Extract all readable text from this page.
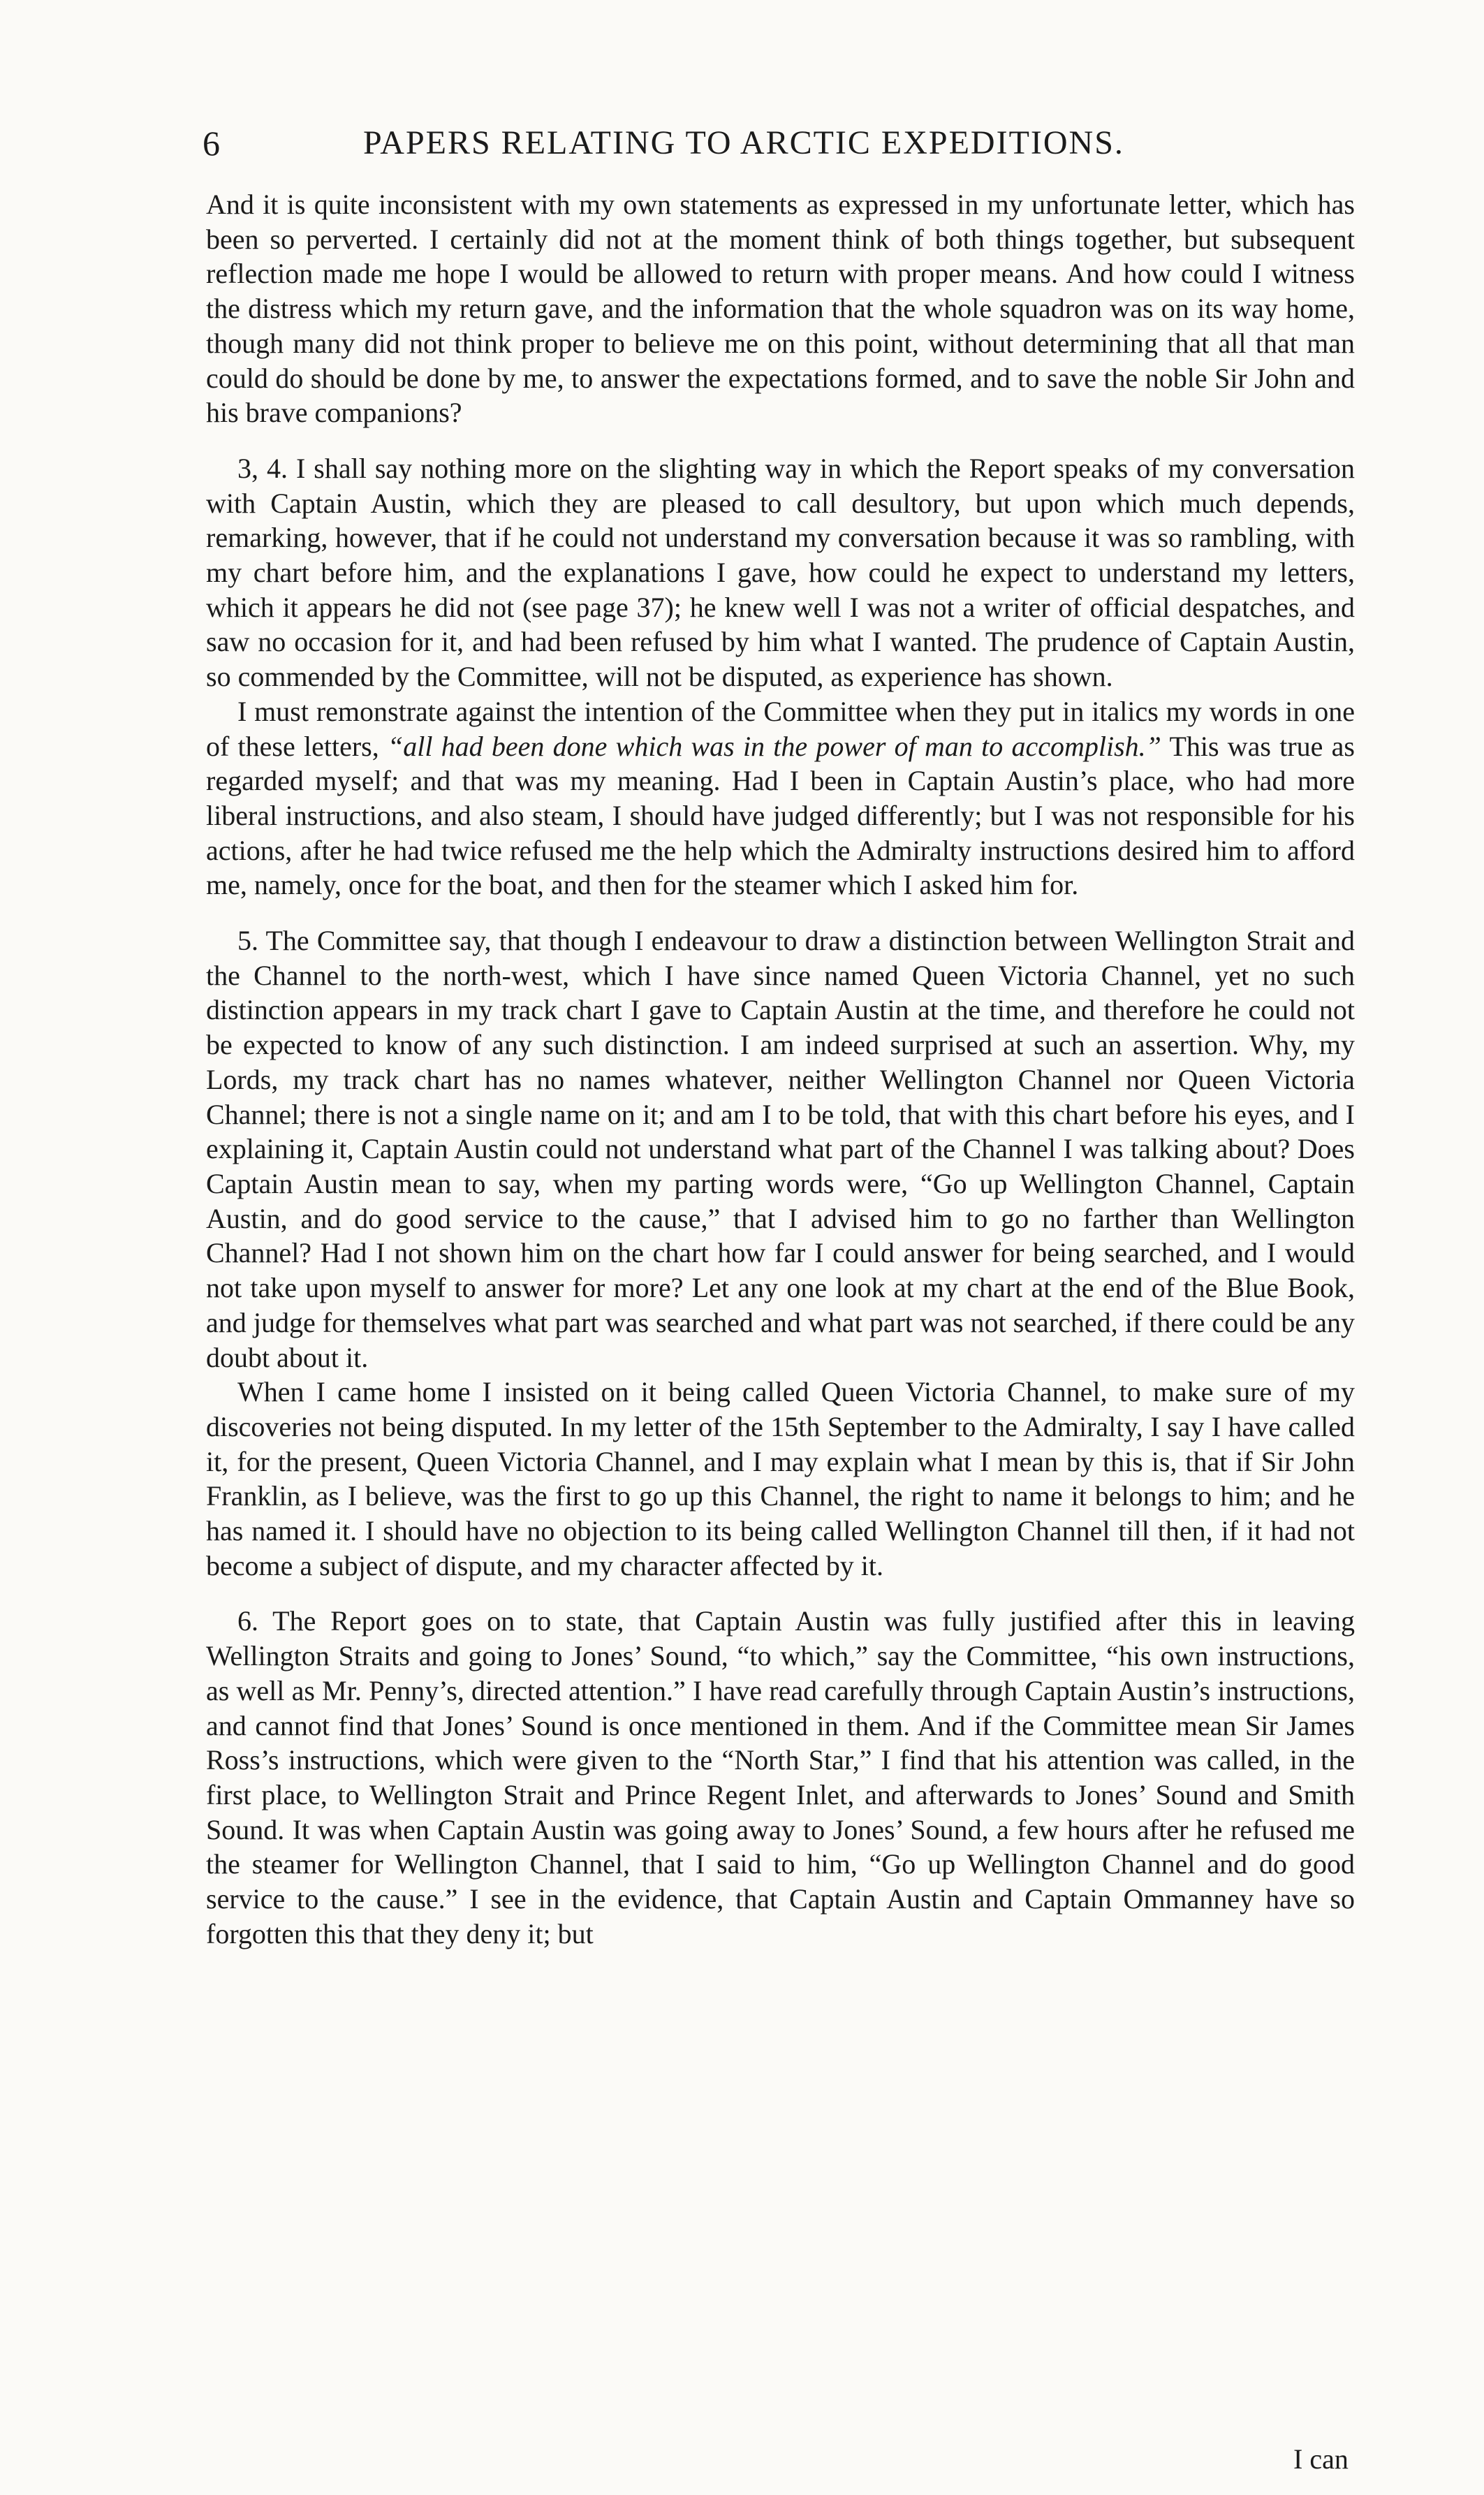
6	PAPERS RELATING TO ARCTIC EXPEDITIONS.

And it is quite inconsistent with my own statements as expressed in my unfortunate letter, which has been so perverted. I certainly did not at the moment think of both things together, but subsequent reflection made me hope I would be allowed to return with proper means. And how could I witness the distress which my return gave, and the information that the whole squadron was on its way home, though many did not think proper to believe me on this point, without determining that all that man could do should be done by me, to answer the expectations formed, and to save the noble Sir John and his brave companions?

3, 4. I shall say nothing more on the slighting way in which the Report speaks of my conversation with Captain Austin, which they are pleased to call desultory, but upon which much depends, remarking, however, that if he could not understand my conversation because it was so rambling, with my chart before him, and the explanations I gave, how could he expect to understand my letters, which it appears he did not (see page 37); he knew well I was not a writer of official despatches, and saw no occasion for it, and had been refused by him what I wanted. The prudence of Captain Austin, so commended by the Committee, will not be disputed, as experience has shown.

I must remonstrate against the intention of the Committee when they put in italics my words in one of these letters, “all had been done which was in the power of man to accomplish.” This was true as regarded myself; and that was my meaning. Had I been in Captain Austin’s place, who had more liberal instructions, and also steam, I should have judged differently; but I was not responsible for his actions, after he had twice refused me the help which the Admiralty instructions desired him to afford me, namely, once for the boat, and then for the steamer which I asked him for.

5. The Committee say, that though I endeavour to draw a distinction between Wellington Strait and the Channel to the north-west, which I have since named Queen Victoria Channel, yet no such distinction appears in my track chart I gave to Captain Austin at the time, and therefore he could not be expected to know of any such distinction. I am indeed surprised at such an assertion. Why, my Lords, my track chart has no names whatever, neither Wellington Channel nor Queen Victoria Channel; there is not a single name on it; and am I to be told, that with this chart before his eyes, and I explaining it, Captain Austin could not understand what part of the Channel I was talking about? Does Captain Austin mean to say, when my parting words were, “Go up Wellington Channel, Captain Austin, and do good service to the cause,” that I advised him to go no farther than Wellington Channel? Had I not shown him on the chart how far I could answer for being searched, and I would not take upon myself to answer for more? Let any one look at my chart at the end of the Blue Book, and judge for themselves what part was searched and what part was not searched, if there could be any doubt about it.

When I came home I insisted on it being called Queen Victoria Channel, to make sure of my discoveries not being disputed. In my letter of the 15th September to the Admiralty, I say I have called it, for the present, Queen Victoria Channel, and I may explain what I mean by this is, that if Sir John Franklin, as I believe, was the first to go up this Channel, the right to name it belongs to him; and he has named it. I should have no objection to its being called Wellington Channel till then, if it had not become a subject of dispute, and my character affected by it.

6. The Report goes on to state, that Captain Austin was fully justified after this in leaving Wellington Straits and going to Jones’ Sound, “to which,” say the Committee, “his own instructions, as well as Mr. Penny’s, directed attention.” I have read carefully through Captain Austin’s instructions, and cannot find that Jones’ Sound is once mentioned in them. And if the Committee mean Sir James Ross’s instructions, which were given to the “North Star,” I find that his attention was called, in the first place, to Wellington Strait and Prince Regent Inlet, and afterwards to Jones’ Sound and Smith Sound. It was when Captain Austin was going away to Jones’ Sound, a few hours after he refused me the steamer for Wellington Channel, that I said to him, “Go up Wellington Channel and do good service to the cause.” I see in the evidence, that Captain Austin and Captain Ommanney have so forgotten this that they deny it; but

I can
